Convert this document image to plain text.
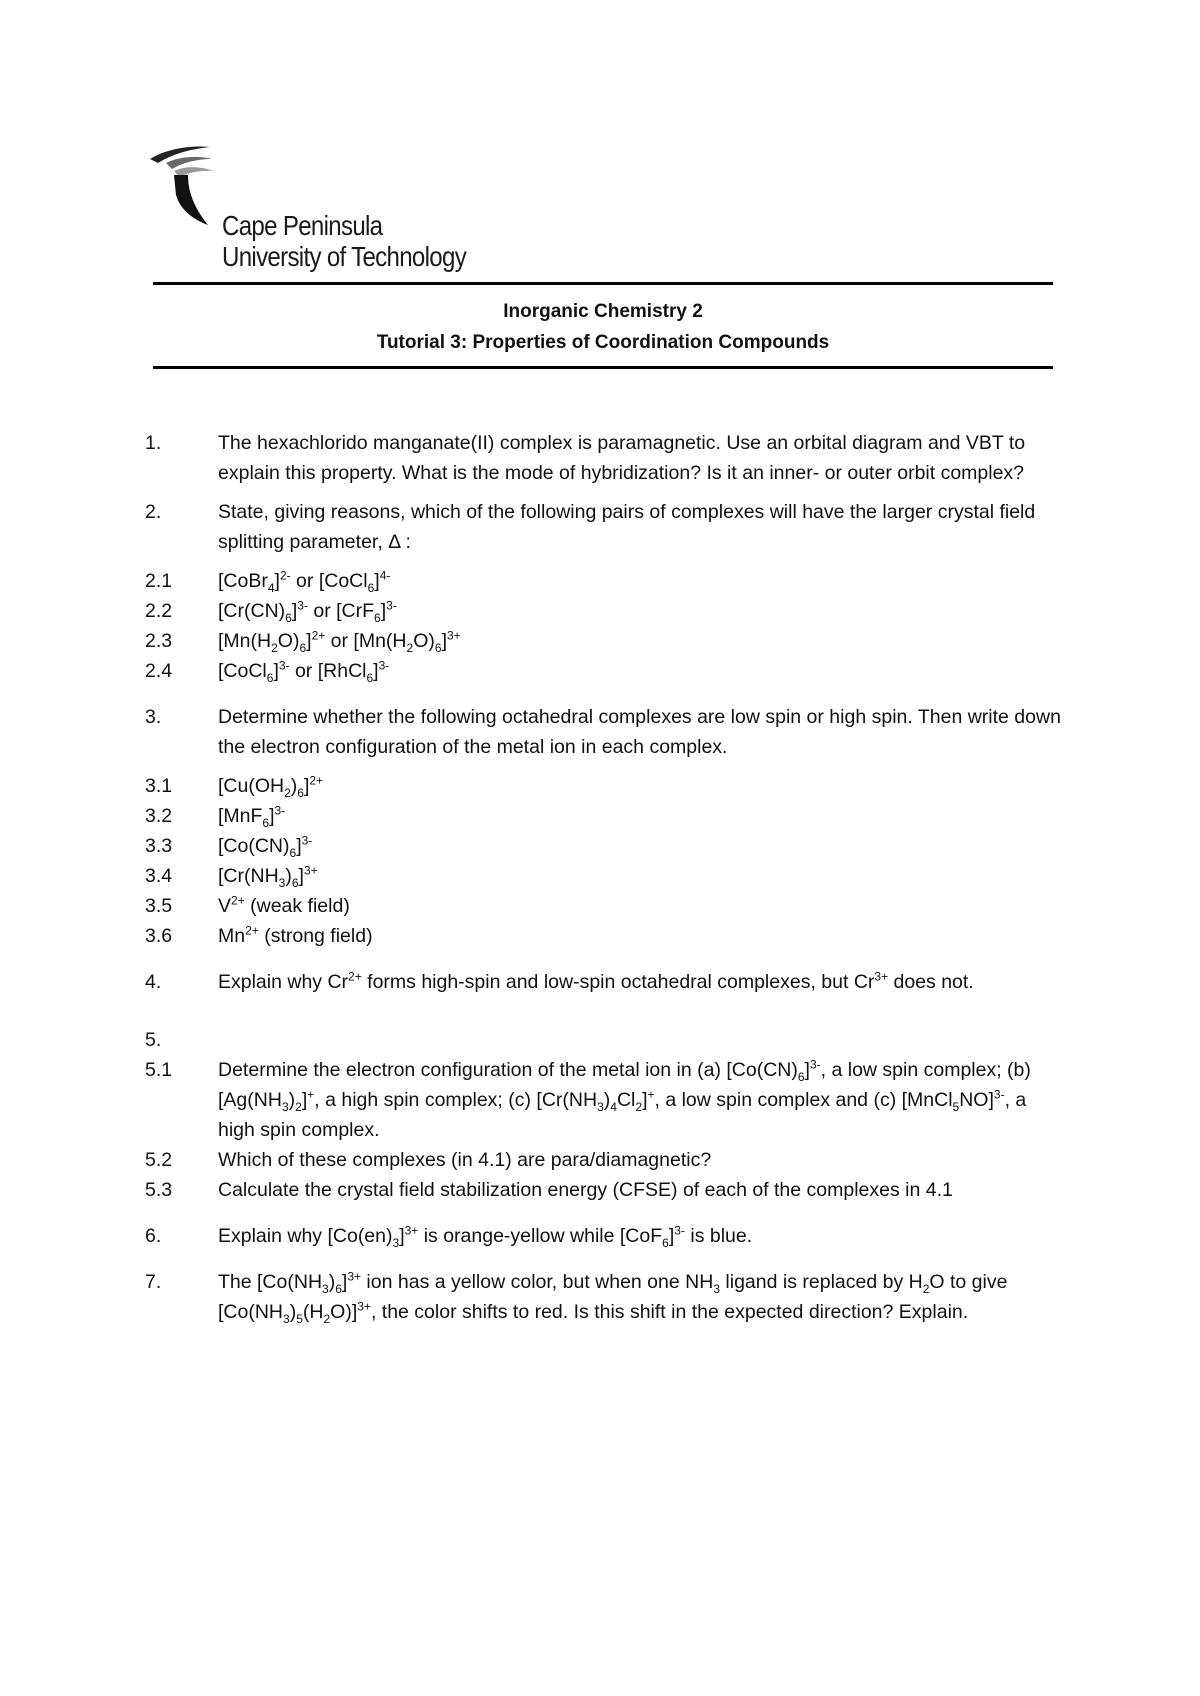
Cape Peninsula
University of Technology
Inorganic Chemistry 2
Tutorial 3: Properties of Coordination Compounds
1.	The hexachlorido manganate(II) complex is paramagnetic. Use an orbital diagram and VBT to explain this property. What is the mode of hybridization? Is it an inner- or outer orbit complex?
2.	State, giving reasons, which of the following pairs of complexes will have the larger crystal field splitting parameter, Δ :
2.1	[CoBr$_4$]$^{2-}$ or [CoCl$_6$]$^{4-}$
2.2	$[Cr(CN)_6]^{3-}$ or $[CrF_6]^{3-}$
2.3	$[Mn(H_2O)_6]^{2+}$ or $[Mn(H_2O)_6]^{3+}$
2.4	[CoCl$_6$]$^{3-}$ or [RhCl$_6$]$^{3-}$
3.	Determine whether the following octahedral complexes are low spin or high spin. Then write down the electron configuration of the metal ion in each complex.
3.1	$[Cu(OH_2)_6]^{2+}$
3.2	$[MnF_6]^{3-}$
3.3	$[Co(CN)_6]^{3-}$
3.4	$[Cr(NH_3)_6]^{3+}$
3.5	$V^{2+}$ (weak field)
3.6	$Mn^{2+}$ (strong field)
4.	Explain why $Cr^{2+}$ forms high-spin and low-spin octahedral complexes, but $Cr^{3+}$ does not.
5.
5.1	Determine the electron configuration of the metal ion in (a) $[Co(CN)_6]^{3-}$, a low spin complex; (b) $[Ag(NH_3)_2]^+$, a high spin complex; (c) $[Cr(NH_3)_4Cl_2]^+$, a low spin complex and (c) [MnCl$_5$NO]$^{3-}$, a high spin complex.
5.2	Which of these complexes (in 4.1) are para/diamagnetic?
5.3	Calculate the crystal field stabilization energy (CFSE) of each of the complexes in 4.1
6.	Explain why $[Co(en)_3]^{3+}$ is orange-yellow while $[CoF_6]^{3-}$ is blue.
7.	The $[Co(NH_3)_6]^{3+}$ ion has a yellow color, but when one $NH_3$ ligand is replaced by $H_2O$ to give $[Co(NH_3)_5(H_2O)]^{3+}$, the color shifts to red. Is this shift in the expected direction? Explain.
